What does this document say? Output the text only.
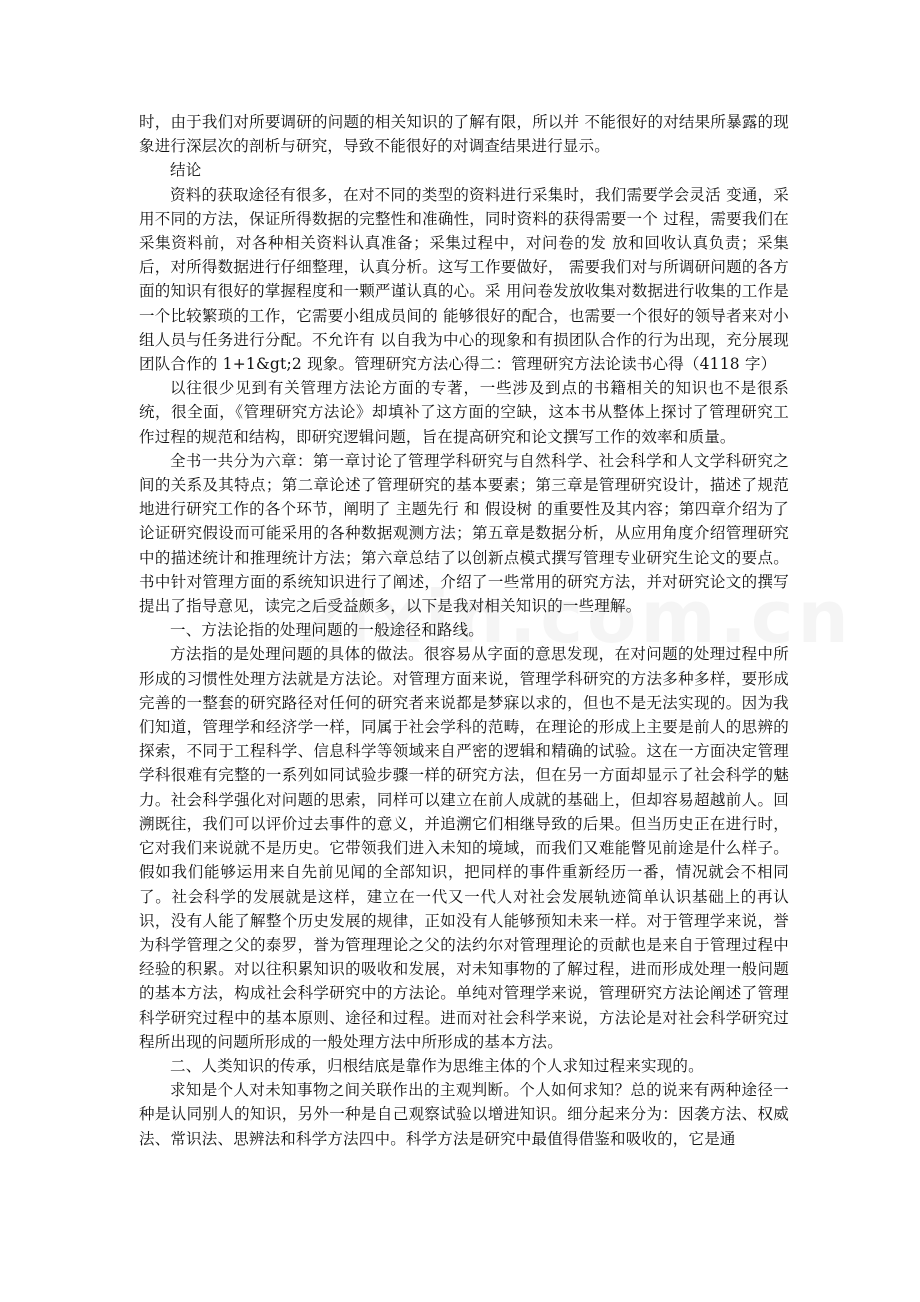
时，由于我们对所要调研的问题的相关知识的了解有限，所以并 不能很好的对结果所暴露的现象进行深层次的剖析与研究，导致不能很好的对调查结果进行显示。

结论

资料的获取途径有很多，在对不同的类型的资料进行采集时，我们需要学会灵活 变通，采用不同的方法，保证所得数据的完整性和准确性，同时资料的获得需要一个 过程，需要我们在采集资料前，对各种相关资料认真准备；采集过程中，对问卷的发 放和回收认真负责；采集后，对所得数据进行仔细整理，认真分析。这写工作要做好， 需要我们对与所调研问题的各方面的知识有很好的掌握程度和一颗严谨认真的心。采 用问卷发放收集对数据进行收集的工作是一个比较繁琐的工作，它需要小组成员间的 能够很好的配合，也需要一个很好的领导者来对小组人员与任务进行分配。不允许有 以自我为中心的现象和有损团队合作的行为出现，充分展现团队合作的 1+1&gt;2 现象。管理研究方法心得二：管理研究方法论读书心得（4118 字）

以往很少见到有关管理方法论方面的专著，一些涉及到点的书籍相关的知识也不是很系统，很全面，《管理研究方法论》却填补了这方面的空缺，这本书从整体上探讨了管理研究工作过程的规范和结构，即研究逻辑问题，旨在提高研究和论文撰写工作的效率和质量。

全书一共分为六章：第一章讨论了管理学科研究与自然科学、社会科学和人文学科研究之间的关系及其特点；第二章论述了管理研究的基本要素；第三章是管理研究设计，描述了规范地进行研究工作的各个环节，阐明了 主题先行 和 假设树 的重要性及其内容；第四章介绍为了论证研究假设而可能采用的各种数据观测方法；第五章是数据分析，从应用角度介绍管理研究中的描述统计和推理统计方法；第六章总结了以创新点模式撰写管理专业研究生论文的要点。 书中针对管理方面的系统知识进行了阐述，介绍了一些常用的研究方法，并对研究论文的撰写提出了指导意见，读完之后受益颇多，以下是我对相关知识的一些理解。

一、方法论指的处理问题的一般途径和路线。

方法指的是处理问题的具体的做法。很容易从字面的意思发现，在对问题的处理过程中所形成的习惯性处理方法就是方法论。对管理方面来说，管理学科研究的方法多种多样，要形成完善的一整套的研究路径对任何的研究者来说都是梦寐以求的，但也不是无法实现的。因为我们知道，管理学和经济学一样，同属于社会学科的范畴，在理论的形成上主要是前人的思辨的探索，不同于工程科学、信息科学等领域来自严密的逻辑和精确的试验。这在一方面决定管理学科很难有完整的一系列如同试验步骤一样的研究方法，但在另一方面却显示了社会科学的魅力。社会科学强化对问题的思索，同样可以建立在前人成就的基础上，但却容易超越前人。回溯既往，我们可以评价过去事件的意义，并追溯它们相继导致的后果。但当历史正在进行时，它对我们来说就不是历史。它带领我们进入未知的境域，而我们又难能瞥见前途是什么样子。假如我们能够运用来自先前见闻的全部知识，把同样的事件重新经历一番，情况就会不相同了。社会科学的发展就是这样，建立在一代又一代人对社会发展轨迹简单认识基础上的再认识，没有人能了解整个历史发展的规律，正如没有人能够预知未来一样。对于管理学来说，誉为科学管理之父的泰罗，誉为管理理论之父的法约尔对管理理论的贡献也是来自于管理过程中经验的积累。对以往积累知识的吸收和发展，对未知事物的了解过程，进而形成处理一般问题的基本方法，构成社会科学研究中的方法论。单纯对管理学来说，管理研究方法论阐述了管理科学研究过程中的基本原则、途径和过程。进而对社会科学来说，方法论是对社会科学研究过程所出现的问题所形成的一般处理方法中所形成的基本方法。

二、人类知识的传承，归根结底是靠作为思维主体的个人求知过程来实现的。

求知是个人对未知事物之间关联作出的主观判断。个人如何求知？总的说来有两种途径一种是认同别人的知识，另外一种是自己观察试验以增进知识。细分起来分为：因袭方法、权威法、常识法、思辨法和科学方法四中。科学方法是研究中最值得借鉴和吸收的，它是通
